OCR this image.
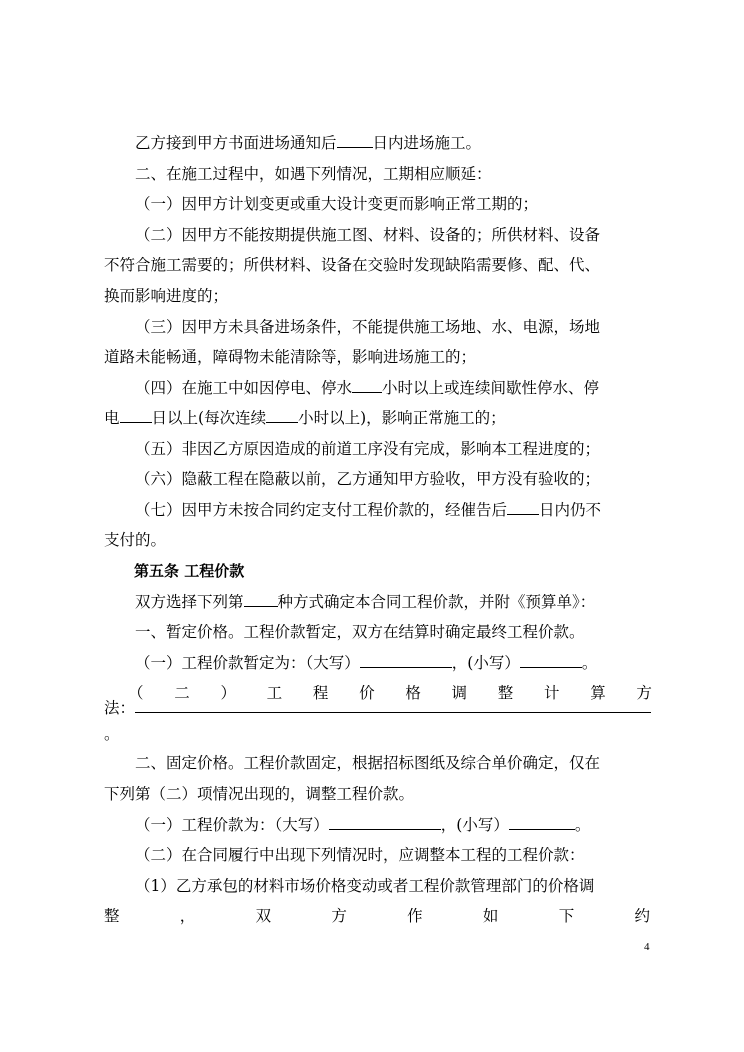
乙方接到甲方书面进场通知后 日内进场施工。
二、在施工过程中，如遇下列情况，工期相应顺延：
（一）因甲方计划变更或重大设计变更而影响正常工期的；
（二）因甲方不能按期提供施工图、材料、设备的；所供材料、设备
不符合施工需要的；所供材料、设备在交验时发现缺陷需要修、配、代、
换而影响进度的；
（三）因甲方未具备进场条件，不能提供施工场地、水、电源，场地
道路未能畅通，障碍物未能清除等，影响进场施工的；
（四）在施工中如因停电、停水 小时以上或连续间歇性停水、停
电 日以上(每次连续 小时以上)，影响正常施工的；
（五）非因乙方原因造成的前道工序没有完成，影响本工程进度的；
（六）隐蔽工程在隐蔽以前，乙方通知甲方验收，甲方没有验收的；
（七）因甲方未按合同约定支付工程价款的，经催告后 日内仍不
支付的。
第五条 工程价款
双方选择下列第 种方式确定本合同工程价款，并附《预算单》：
一、暂定价格。工程价款暂定，双方在结算时确定最终工程价款。
（一）工程价款暂定为：（大写）	，(小写）	。
（ 二 ） 工 程 价 格 调 整 计 算 方
法：
。
二、固定价格。工程价款固定，根据招标图纸及综合单价确定，仅在
下列第（二）项情况出现的，调整工程价款。
（一）工程价款为：（大写）	，(小写）	。
（二）在合同履行中出现下列情况时，应调整本工程的工程价款：
（1）乙方承包的材料市场价格变动或者工程价款管理部门的价格调
整	，	双	方	作	如	下	约
4
